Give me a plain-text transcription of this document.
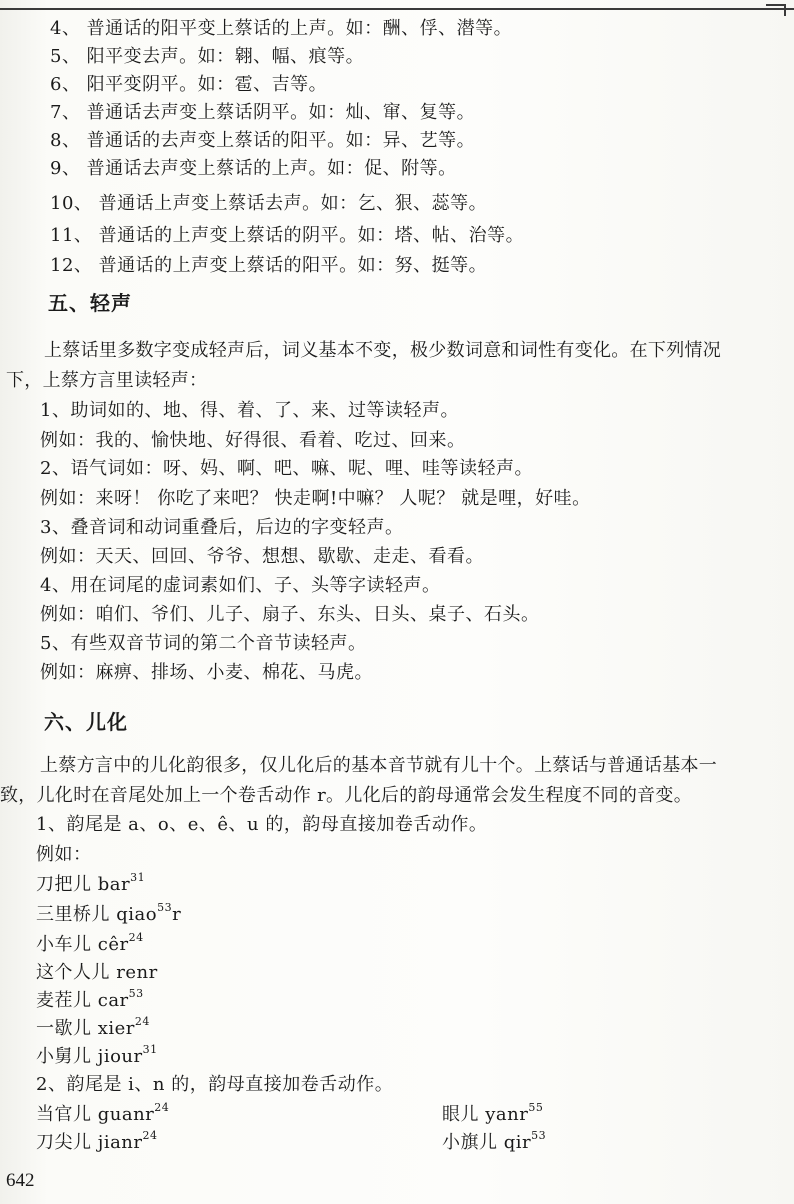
4、 普通话的阳平变上蔡话的上声。如：酬、俘、潜等。
5、 阳平变去声。如：翱、幅、痕等。
6、 阳平变阴平。如：雹、吉等。
7、 普通话去声变上蔡话阴平。如：灿、窜、复等。
8、 普通话的去声变上蔡话的阳平。如：异、艺等。
9、 普通话去声变上蔡话的上声。如：促、附等。
10、 普通话上声变上蔡话去声。如：乞、狠、蕊等。
11、 普通话的上声变上蔡话的阴平。如：塔、帖、治等。
12、 普通话的上声变上蔡话的阳平。如：努、挺等。
五、轻声
上蔡话里多数字变成轻声后，词义基本不变，极少数词意和词性有变化。在下列情况
下，上蔡方言里读轻声：
1、助词如的、地、得、着、了、来、过等读轻声。
例如：我的、愉快地、好得很、看着、吃过、回来。
2、语气词如：呀、妈、啊、吧、嘛、呢、哩、哇等读轻声。
例如：来呀！ 你吃了来吧？ 快走啊!中嘛？ 人呢？ 就是哩，好哇。
3、叠音词和动词重叠后，后边的字变轻声。
例如：天天、回回、爷爷、想想、歇歇、走走、看看。
4、用在词尾的虚词素如们、子、头等字读轻声。
例如：咱们、爷们、儿子、扇子、东头、日头、桌子、石头。
5、有些双音节词的第二个音节读轻声。
例如：麻痹、排场、小麦、棉花、马虎。
六、儿化
上蔡方言中的儿化韵很多，仅儿化后的基本音节就有儿十个。上蔡话与普通话基本一
致，儿化时在音尾处加上一个卷舌动作 r。儿化后的韵母通常会发生程度不同的音变。
1、韵尾是 a、o、e、ê、u 的，韵母直接加卷舌动作。
例如：
刀把儿 bar$^{31}$
三里桥儿 qiao$^{53}$r
小车儿 cêr$^{24}$
这个人儿 renr
麦茬儿 car$^{53}$
一歇儿 xier$^{24}$
小舅儿 jiour$^{31}$
2、韵尾是 i、n 的，韵母直接加卷舌动作。
当官儿 guanr$^{24}$
刀尖儿 jianr$^{24}$
眼儿 yanr$^{55}$
小旗儿 qir$^{53}$
642
